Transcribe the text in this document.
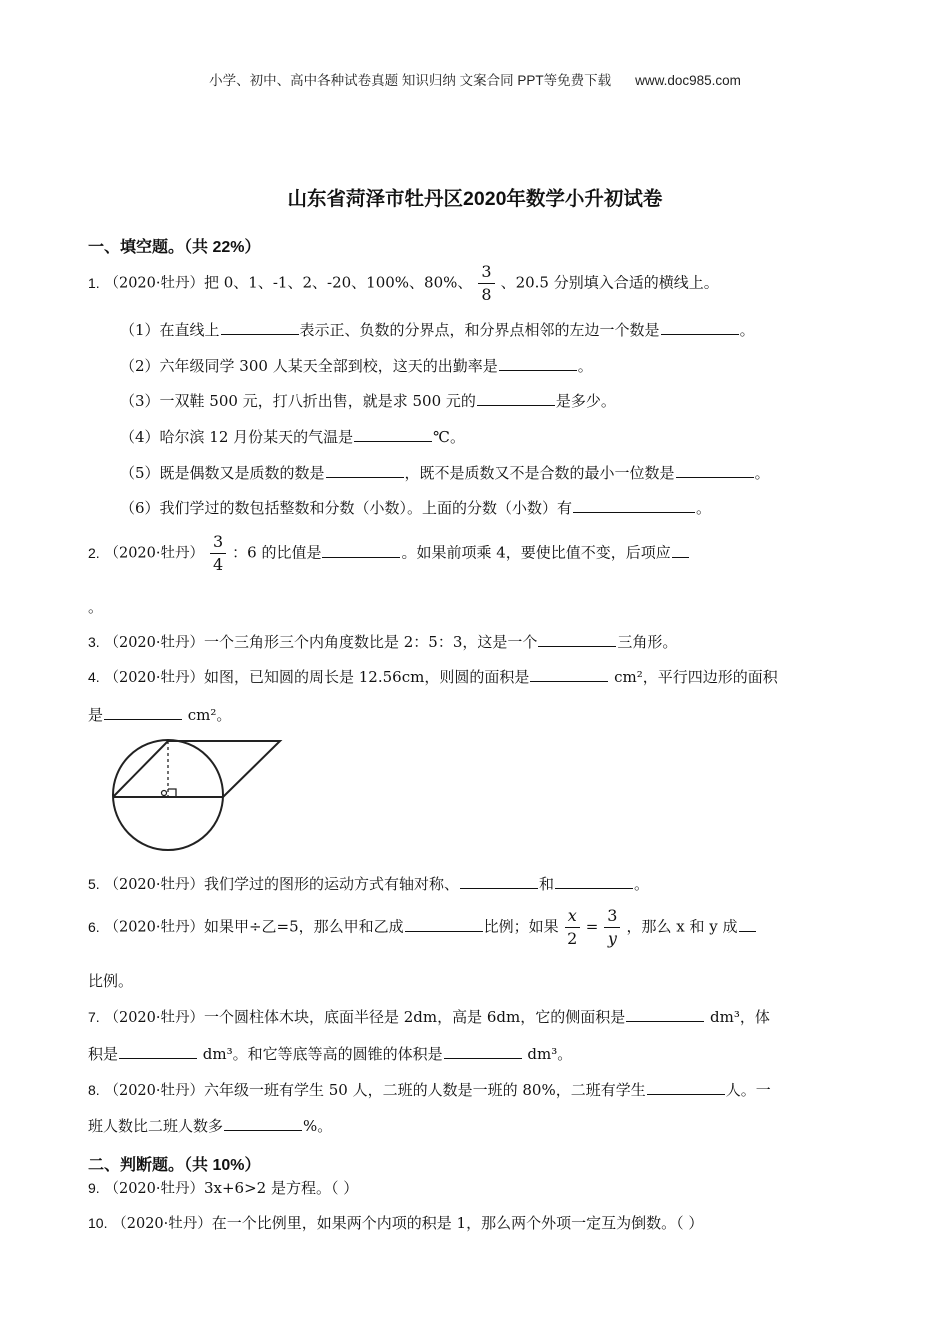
小学、初中、高中各种试卷真题 知识归纳 文案合同 PPT等免费下载 www.doc985.com
山东省菏泽市牡丹区2020年数学小升初试卷
一、填空题。（共 22%）
1. （2020·牡丹）把 0、1、-1、2、-20、100%、80%、 $\frac{3}{8}$ 、20.5 分别填入合适的横线上。
（1）在直线上	表示正、负数的分界点，和分界点相邻的左边一个数是	。
（2）六年级同学 300 人某天全部到校，这天的出勤率是	。
（3）一双鞋 500 元，打八折出售，就是求 500 元的	是多少。
（4）哈尔滨 12 月份某天的气温是	℃。
（5）既是偶数又是质数的数是	，既不是质数又不是合数的最小一位数是	。
（6）我们学过的数包括整数和分数（小数）。上面的分数（小数）有	。
2. （2020·牡丹） $\frac{3}{4}$ ：6 的比值是	。如果前项乘 4，要使比值不变，后项应
。
3. （2020·牡丹）一个三角形三个内角度数比是 2：5：3，这是一个	三角形。
4. （2020·牡丹）如图，已知圆的周长是 12.56cm，则圆的面积是	cm²，平行四边形的面积
是	cm²。
5. （2020·牡丹）我们学过的图形的运动方式有轴对称、	和	。
6. （2020·牡丹）如果甲÷乙=5，那么甲和乙成	比例；如果 $\frac{x}{2} = \frac{3}{y}$ ，那么 x 和 y 成
比例。
7. （2020·牡丹）一个圆柱体木块，底面半径是 2dm，高是 6dm，它的侧面积是	dm³，体
积是	dm³。和它等底等高的圆锥的体积是	dm³。
8. （2020·牡丹）六年级一班有学生 50 人，二班的人数是一班的 80%，二班有学生	人。一
班人数比二班人数多	%。
二、判断题。（共 10%）
9. （2020·牡丹）3x+6>2 是方程。（ ）
10. （2020·牡丹）在一个比例里，如果两个内项的积是 1，那么两个外项一定互为倒数。（ ）
